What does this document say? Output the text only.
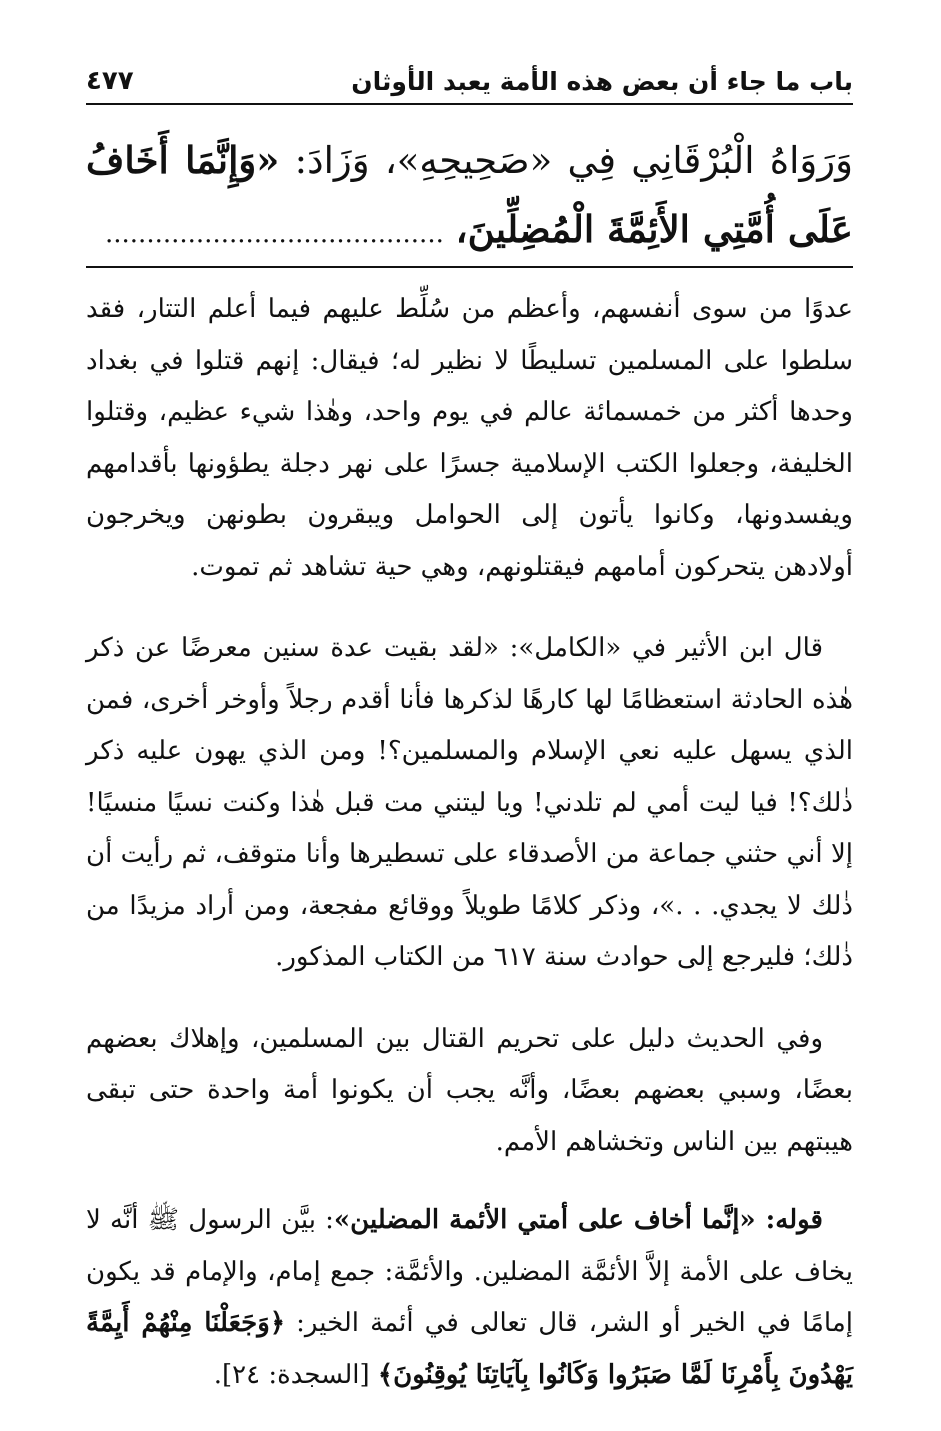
باب ما جاء أن بعض هذه الأمة يعبد الأوثان
٤٧٧
وَرَوَاهُ الْبُرْقَانِي فِي «صَحِيحِهِ»، وَزَادَ: «وَإِنَّمَا أَخَافُ عَلَى أُمَّتِي الأَئِمَّةَ الْمُضِلِّينَ، .........................................

عدوًا من سوى أنفسهم، وأعظم من سُلِّط عليهم فيما أعلم التتار، فقد سلطوا على المسلمين تسليطًا لا نظير له؛ فيقال: إنهم قتلوا في بغداد وحدها أكثر من خمسمائة عالم في يوم واحد، وهٰذا شيء عظيم، وقتلوا الخليفة، وجعلوا الكتب الإسلامية جسرًا على نهر دجلة يطؤونها بأقدامهم ويفسدونها، وكانوا يأتون إلى الحوامل ويبقرون بطونهن ويخرجون أولادهن يتحركون أمامهم فيقتلونهم، وهي حية تشاهد ثم تموت.

قال ابن الأثير في «الكامل»: «لقد بقيت عدة سنين معرضًا عن ذكر هٰذه الحادثة استعظامًا لها كارهًا لذكرها فأنا أقدم رجلاً وأوخر أخرى، فمن الذي يسهل عليه نعي الإسلام والمسلمين؟! ومن الذي يهون عليه ذكر ذٰلك؟! فيا ليت أمي لم تلدني! ويا ليتني مت قبل هٰذا وكنت نسيًا منسيًا! إلا أني حثني جماعة من الأصدقاء على تسطيرها وأنا متوقف، ثم رأيت أن ذٰلك لا يجدي. . .»، وذكر كلامًا طويلاً ووقائع مفجعة، ومن أراد مزيدًا من ذٰلك؛ فليرجع إلى حوادث سنة ٦١٧ من الكتاب المذكور.

وفي الحديث دليل على تحريم القتال بين المسلمين، وإهلاك بعضهم بعضًا، وسبي بعضهم بعضًا، وأنَّه يجب أن يكونوا أمة واحدة حتى تبقى هيبتهم بين الناس وتخشاهم الأمم.

قوله: «إنَّما أخاف على أمتي الأئمة المضلين»: بيَّن الرسول ﷺ أنَّه لا يخاف على الأمة إلاَّ الأئمَّة المضلين. والأئمَّة: جمع إمام، والإمام قد يكون إمامًا في الخير أو الشر، قال تعالى في أئمة الخير: ﴿وَجَعَلْنَا مِنْهُمْ أَيِمَّةً يَهْدُونَ بِأَمْرِنَا لَمَّا صَبَرُوا وَكَانُوا بِآيَاتِنَا يُوقِنُونَ﴾ [السجدة: ٢٤].
